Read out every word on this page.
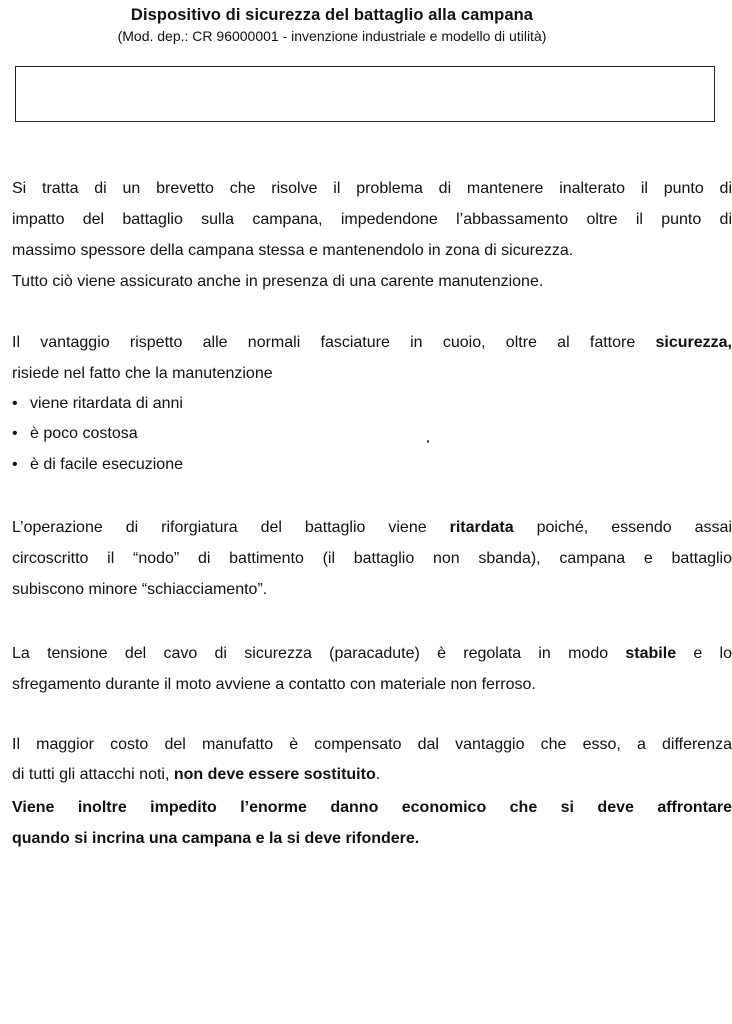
Dispositivo di sicurezza del battaglio alla campana
(Mod. dep.: CR 96000001 - invenzione industriale e modello di utilità)
Si tratta di un brevetto che risolve il problema di mantenere inalterato il punto di
impatto del battaglio sulla campana, impedendone l’abbassamento oltre il punto di
massimo spessore della campana stessa e mantenendolo in zona di sicurezza.
Tutto ciò viene assicurato anche in presenza di una carente manutenzione.
Il vantaggio rispetto alle normali fasciature in cuoio, oltre al fattore sicurezza,
risiede nel fatto che la manutenzione
• viene ritardata di anni
• è poco costosa
• è di facile esecuzione
L’operazione di riforgiatura del battaglio viene ritardata poiché, essendo assai
circoscritto il “nodo” di battimento (il battaglio non sbanda), campana e battaglio
subiscono minore “schiacciamento”.
La tensione del cavo di sicurezza (paracadute) è regolata in modo stabile e lo
sfregamento durante il moto avviene a contatto con materiale non ferroso.
Il maggior costo del manufatto è compensato dal vantaggio che esso, a differenza
di tutti gli attacchi noti, non deve essere sostituito.
Viene inoltre impedito l’enorme danno economico che si deve affrontare
quando si incrina una campana e la si deve rifondere.
